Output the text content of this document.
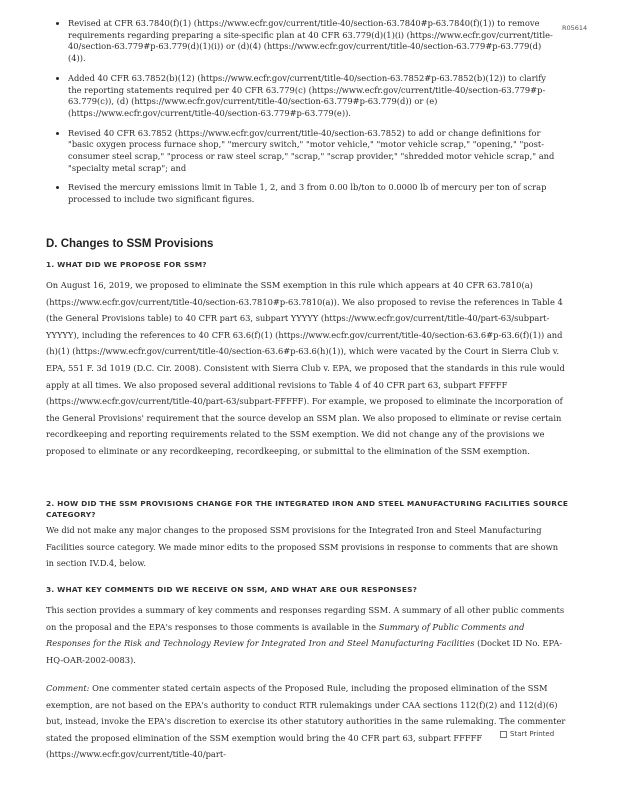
R05614
• Revised at CFR 63.7840(f)(1) (https://www.ecfr.gov/current/title-40/section-63.7840#p-63.7840(f)(1)) to remove requirements regarding preparing a site-specific plan at 40 CFR 63.779(d)(1)(i) (https://www.ecfr.gov/current/title-40/section-63.779#p-63.779(d)(1)(i)) or (d)(4) (https://www.ecfr.gov/current/title-40/section-63.779#p-63.779(d)(4)).
• Added 40 CFR 63.7852(b)(12) (https://www.ecfr.gov/current/title-40/section-63.7852#p-63.7852(b)(12)) to clarify the reporting statements required per 40 CFR 63.779(c) (https://www.ecfr.gov/current/title-40/section-63.779#p-63.779(c)), (d) (https://www.ecfr.gov/current/title-40/section-63.779#p-63.779(d)) or (e) (https://www.ecfr.gov/current/title-40/section-63.779#p-63.779(e)).
• Revised 40 CFR 63.7852 (https://www.ecfr.gov/current/title-40/section-63.7852) to add or change definitions for "basic oxygen process furnace shop," "mercury switch," "motor vehicle," "motor vehicle scrap," "opening," "post-consumer steel scrap," "process or raw steel scrap," "scrap," "scrap provider," "shredded motor vehicle scrap," and "specialty metal scrap"; and
• Revised the mercury emissions limit in Table 1, 2, and 3 from 0.00 lb/ton to 0.0000 lb of mercury per ton of scrap processed to include two significant figures.
D. Changes to SSM Provisions
1. WHAT DID WE PROPOSE FOR SSM?

On August 16, 2019, we proposed to eliminate the SSM exemption in this rule which appears at 40 CFR 63.7810(a) (https://www.ecfr.gov/current/title-40/section-63.7810#p-63.7810(a)). We also proposed to revise the references in Table 4 (the General Provisions table) to 40 CFR part 63, subpart YYYYY (https://www.ecfr.gov/current/title-40/part-63/subpart-YYYYY), including the references to 40 CFR 63.6(f)(1) (https://www.ecfr.gov/current/title-40/section-63.6#p-63.6(f)(1)) and (h)(1) (https://www.ecfr.gov/current/title-40/section-63.6#p-63.6(h)(1)), which were vacated by the Court in Sierra Club v. EPA, 551 F. 3d 1019 (D.C. Cir. 2008). Consistent with Sierra Club v. EPA, we proposed that the standards in this rule would apply at all times. We also proposed several additional revisions to Table 4 of 40 CFR part 63, subpart FFFFF (https://www.ecfr.gov/current/title-40/part-63/subpart-FFFFF). For example, we proposed to eliminate the incorporation of the General Provisions' requirement that the source develop an SSM plan. We also proposed to eliminate or revise certain recordkeeping and reporting requirements related to the SSM exemption. We did not change any of the provisions we proposed to eliminate or any recordkeeping, recordkeeping, or submittal to the elimination of the SSM exemption.

2. HOW DID THE SSM PROVISIONS CHANGE FOR THE INTEGRATED IRON AND STEEL MANUFACTURING FACILITIES SOURCE CATEGORY?

We did not make any major changes to the proposed SSM provisions for the Integrated Iron and Steel Manufacturing Facilities source category. We made minor edits to the proposed SSM provisions in response to comments that are shown in section IV.D.4, below.

3. WHAT KEY COMMENTS DID WE RECEIVE ON SSM, AND WHAT ARE OUR RESPONSES?

This section provides a summary of key comments and responses regarding SSM. A summary of all other public comments on the proposal and the EPA's responses to those comments is available in the Summary of Public Comments and Responses for the Risk and Technology Review for Integrated Iron and Steel Manufacturing Facilities (Docket ID No. EPA-HQ-OAR-2002-0083).

Comment: One commenter stated certain aspects of the Proposed Rule, including the proposed elimination of the SSM exemption, are not based on the EPA's authority to conduct RTR rulemakings under CAA sections 112(f)(2) and 112(d)(6) but, instead, invoke the EPA's discretion to exercise its other statutory authorities in the same rulemaking. The commenter stated the proposed elimination of the SSM exemption would bring the 40 CFR part 63, subpart FFFFF (https://www.ecfr.gov/current/title-40/part-

Start Printed
